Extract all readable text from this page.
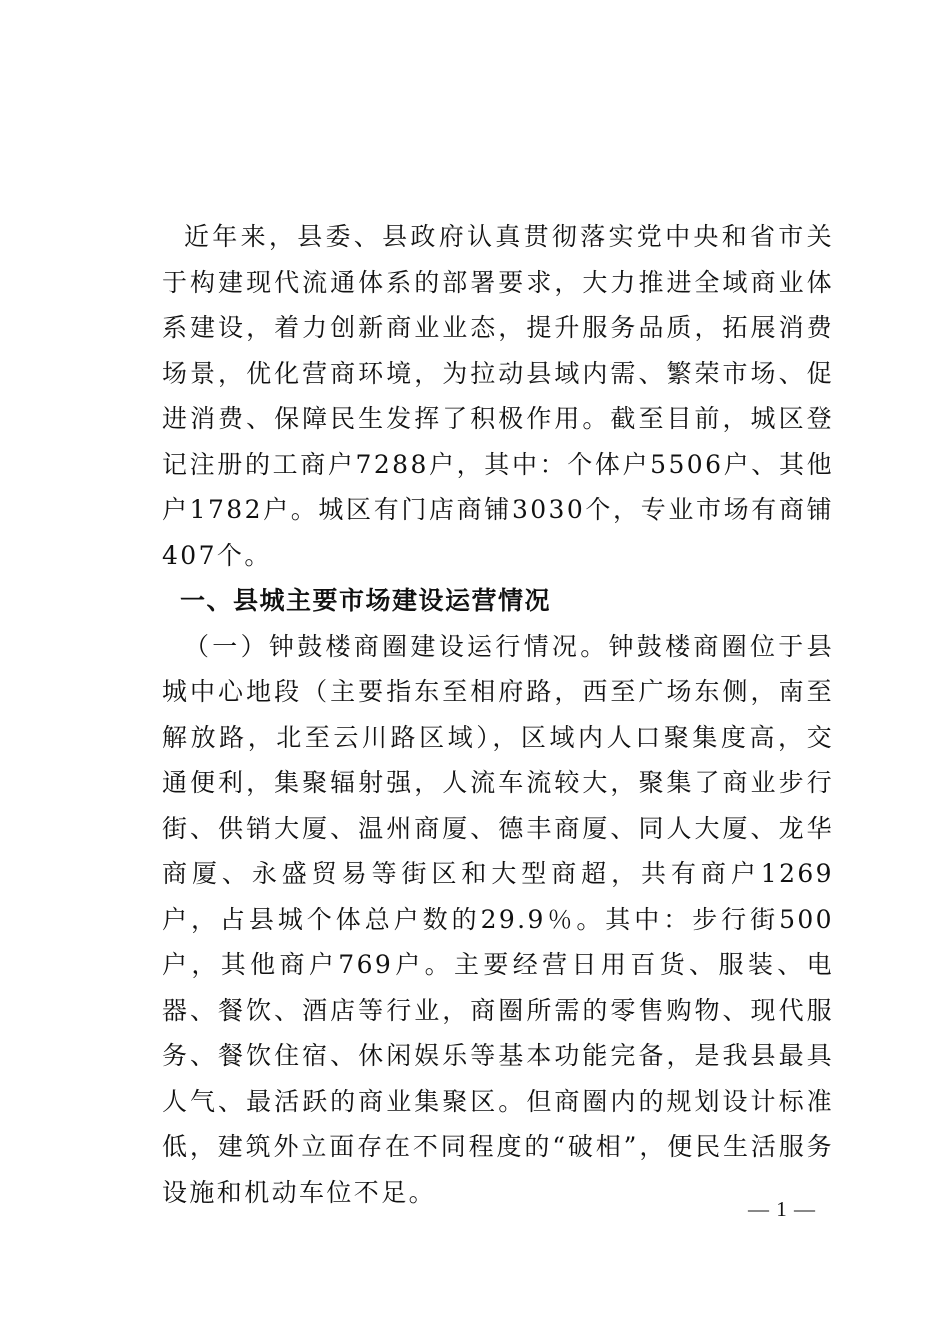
近年来，县委、县政府认真贯彻落实党中央和省市关于构建现代流通体系的部署要求，大力推进全域商业体系建设，着力创新商业业态，提升服务品质，拓展消费场景，优化营商环境，为拉动县域内需、繁荣市场、促进消费、保障民生发挥了积极作用。截至目前，城区登记注册的工商户7288户，其中：个体户5506户、其他户1782户。城区有门店商铺3030个，专业市场有商铺407个。

一、县城主要市场建设运营情况

（一）钟鼓楼商圈建设运行情况。钟鼓楼商圈位于县城中心地段（主要指东至相府路，西至广场东侧，南至解放路，北至云川路区域），区域内人口聚集度高，交通便利，集聚辐射强，人流车流较大，聚集了商业步行街、供销大厦、温州商厦、德丰商厦、同人大厦、龙华商厦、永盛贸易等街区和大型商超，共有商户1269户，占县城个体总户数的29.9％。其中：步行街500户，其他商户769户。主要经营日用百货、服装、电器、餐饮、酒店等行业，商圈所需的零售购物、现代服务、餐饮住宿、休闲娱乐等基本功能完备，是我县最具人气、最活跃的商业集聚区。但商圈内的规划设计标准低，建筑外立面存在不同程度的“破相”，便民生活服务设施和机动车位不足。

— 1 —
